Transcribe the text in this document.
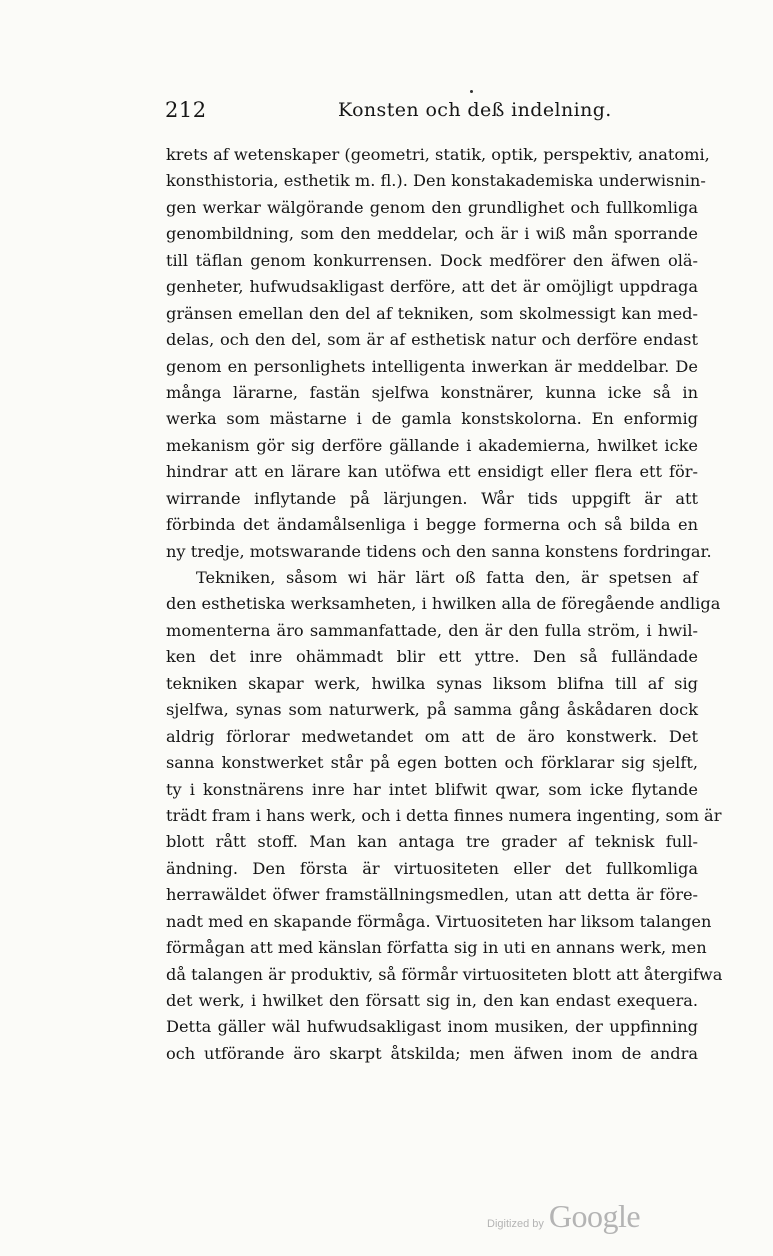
212	Konsten och deß indelning.
krets af wetenskaper (geometri, statik, optik, perspektiv, anatomi,
konsthistoria, esthetik m. fl.). Den konstakademiska underwisnin-
gen werkar wälgörande genom den grundlighet och fullkomliga
genombildning, som den meddelar, och är i wiß mån sporrande
till täflan genom konkurrensen. Dock medförer den äfwen olä-
genheter, hufwudsakligast derföre, att det är omöjligt uppdraga
gränsen emellan den del af tekniken, som skolmessigt kan med-
delas, och den del, som är af esthetisk natur och derföre endast
genom en personlighets intelligenta inwerkan är meddelbar. De
många lärarne, fastän sjelfwa konstnärer, kunna icke så in
werka som mästarne i de gamla konstskolorna. En enformig
mekanism gör sig derföre gällande i akademierna, hwilket icke
hindrar att en lärare kan utöfwa ett ensidigt eller flera ett för-
wirrande inflytande på lärjungen. Wår tids uppgift är att
förbinda det ändamålsenliga i begge formerna och så bilda en
ny tredje, motswarande tidens och den sanna konstens fordringar.
Tekniken, såsom wi här lärt oß fatta den, är spetsen af
den esthetiska werksamheten, i hwilken alla de föregående andliga
momenterna äro sammanfattade, den är den fulla ström, i hwil-
ken det inre ohämmadt blir ett yttre. Den så fulländade
tekniken skapar werk, hwilka synas liksom blifna till af sig
sjelfwa, synas som naturwerk, på samma gång åskådaren dock
aldrig förlorar medwetandet om att de äro konstwerk. Det
sanna konstwerket står på egen botten och förklarar sig sjelft,
ty i konstnärens inre har intet blifwit qwar, som icke flytande
trädt fram i hans werk, och i detta finnes numera ingenting, som är
blott rått stoff. Man kan antaga tre grader af teknisk full-
ändning. Den första är virtuositeten eller det fullkomliga
herrawäldet öfwer framställningsmedlen, utan att detta är före-
nadt med en skapande förmåga. Virtuositeten har liksom talangen
förmågan att med känslan författa sig in uti en annans werk, men
då talangen är produktiv, så förmår virtuositeten blott att återgifwa
det werk, i hwilket den försatt sig in, den kan endast exequera.
Detta gäller wäl hufwudsakligast inom musiken, der uppfinning
och utförande äro skarpt åtskilda; men äfwen inom de andra
Digitized by Google
